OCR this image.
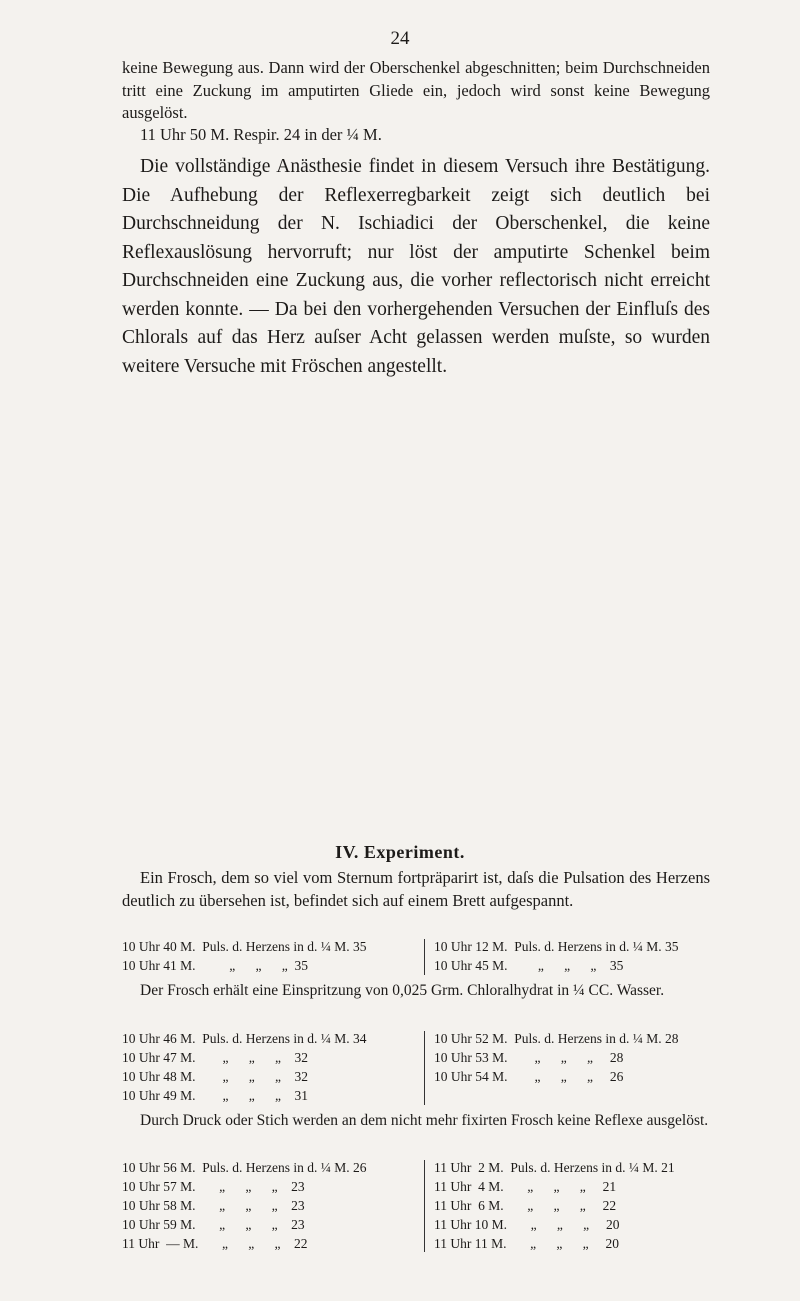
24
keine Bewegung aus. Dann wird der Oberschenkel abgeschnitten; beim Durchschneiden tritt eine Zuckung im amputirten Gliede ein, jedoch wird sonst keine Bewegung ausgelöst.
11 Uhr 50 M. Respir. 24 in der ¼ M.
Die vollständige Anästhesie findet in diesem Versuch ihre Bestätigung. Die Aufhebung der Reflexerregbarkeit zeigt sich deutlich bei Durchschneidung der N. Ischiadici der Oberschenkel, die keine Reflexauslösung hervorruft; nur löst der amputirte Schenkel beim Durchschneiden eine Zuckung aus, die vorher reflectorisch nicht erreicht werden konnte. — Da bei den vorhergehenden Versuchen der Einfluſs des Chlorals auf das Herz auſser Acht gelassen werden muſste, so wurden weitere Versuche mit Fröschen angestellt.
IV. Experiment.
Ein Frosch, dem so viel vom Sternum fortpräparirt ist, daſs die Pulsation des Herzens deutlich zu übersehen ist, befindet sich auf einem Brett aufgespannt.
10 Uhr 40 M.  Puls. d. Herzens in d. ¼ M. 35
10 Uhr 41 M.          „      „      „  35
10 Uhr 12 M.  Puls. d. Herzens in d. ¼ M. 35
10 Uhr 45 M.         „      „      „    35
Der Frosch erhält eine Einspritzung von 0,025 Grm. Chloralhydrat in ¼ CC. Wasser.
10 Uhr 46 M.  Puls. d. Herzens in d. ¼ M. 34
10 Uhr 47 M.        „      „      „    32
10 Uhr 48 M.        „      „      „    32
10 Uhr 49 M.        „      „      „    31
10 Uhr 52 M.  Puls. d. Herzens in d. ¼ M. 28
10 Uhr 53 M.        „      „      „     28
10 Uhr 54 M.        „      „      „     26
Durch Druck oder Stich werden an dem nicht mehr fixirten Frosch keine Reflexe ausgelöst.
10 Uhr 56 M.  Puls. d. Herzens in d. ¼ M. 26
10 Uhr 57 M.       „      „      „    23
10 Uhr 58 M.       „      „      „    23
10 Uhr 59 M.       „      „      „    23
11 Uhr  — M.       „      „      „    22
11 Uhr  2 M.  Puls. d. Herzens in d. ¼ M. 21
11 Uhr  4 M.       „      „      „     21
11 Uhr  6 M.       „      „      „     22
11 Uhr 10 M.       „      „      „     20
11 Uhr 11 M.       „      „      „     20
